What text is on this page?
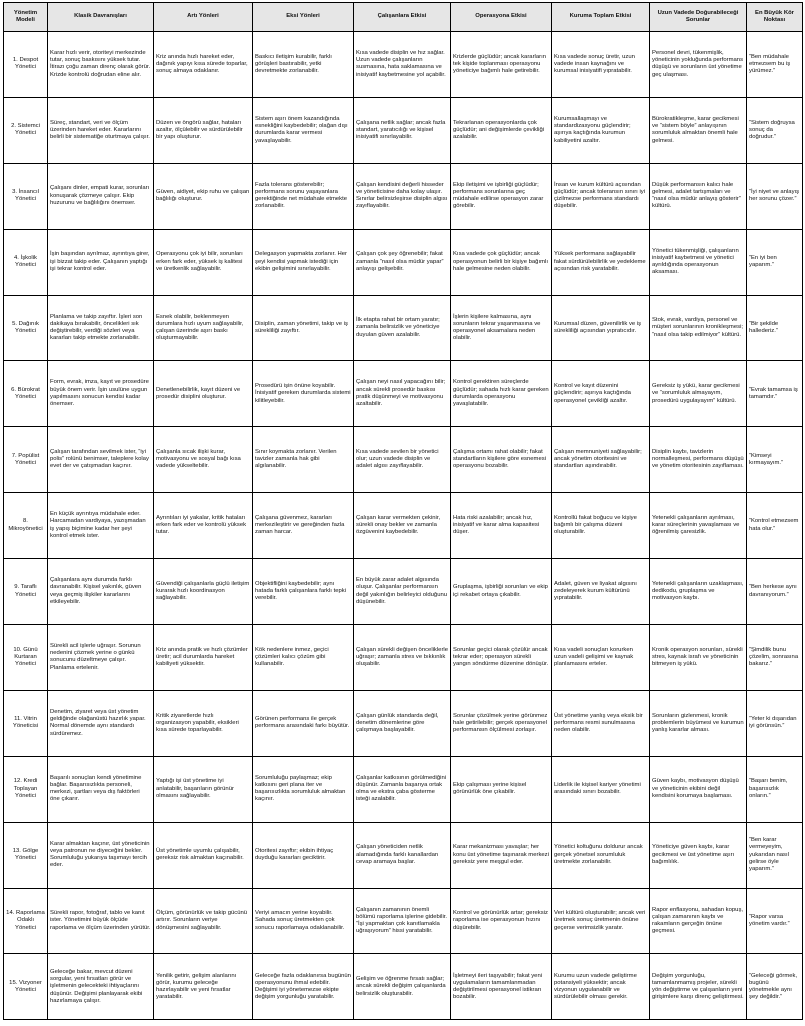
Yönetim Modeli	Klasik Davranışları	Artı Yönleri	Eksi Yönleri	Çalışanlara Etkisi	Operasyona Etkisi	Kuruma Toplam Etkisi	Uzun Vadede Doğurabileceği Sorunlar	En Büyük Kör Noktası
1. Despot Yönetici	Karar hızlı verir, otoriteyi merkezinde tutar, sonuç baskısını yüksek tutar. İtirazı çoğu zaman direnç olarak görür. Krizde kontrolü doğrudan eline alır.	Kriz anında hızlı hareket eder, dağınık yapıyı kısa sürede toparlar, sonuç almaya odaklanır.	Baskıcı iletişim kurabilir, farklı görüşleri bastırabilir, yetki devretmekte zorlanabilir.	Kısa vadede disiplin ve hız sağlar. Uzun vadede çalışanların susmasına, hata saklamasına ve inisiyatif kaybetmesine yol açabilir.	Krizlerde güçlüdür; ancak kararların tek kişide toplanması operasyonu yöneticiye bağımlı hale getirebilir.	Kısa vadede sonuç üretir, uzun vadede insan kaynağını ve kurumsal inisiyatifi yıpratabilir.	Personel devri, tükenmişlik, yöneticinin yokluğunda performans düşüşü ve sorunların üst yönetime geç ulaşması.	“Ben müdahale etmezsem bu iş yürümez.”
2. Sistemci Yönetici	Süreç, standart, veri ve ölçüm üzerinden hareket eder. Kararlarını belirli bir sistematiğe oturtmaya çalışır.	Düzen ve öngörü sağlar, hataları azaltır, ölçülebilir ve sürdürülebilir bir yapı oluşturur.	Sistem aşırı önem kazandığında esnekliğini kaybedebilir; olağan dışı durumlarda karar vermesi yavaşlayabilir.	Çalışana netlik sağlar; ancak fazla standart, yaratıcılığı ve kişisel inisiyatifi sınırlayabilir.	Tekrarlanan operasyonlarda çok güçlüdür; ani değişimlerde çevikliği azalabilir.	Kurumsallaşmayı ve standardizasyonu güçlendirir; aşırıya kaçtığında kurumun kabiliyetini azaltır.	Bürokratikleşme, karar gecikmesi ve “sistem böyle” anlayışının sorumluluk almaktan önemli hale gelmesi.	“Sistem doğruysa sonuç da doğrudur.”
3. İnsancıl Yönetici	Çalışanı dinler, empati kurar, sorunları konuşarak çözmeye çalışır. Ekip huzurunu ve bağlılığını önemser.	Güven, aidiyet, ekip ruhu ve çalışan bağlılığı oluşturur.	Fazla tolerans gösterebilir; performans sorunu yaşayanlara gerektiğinde net müdahale etmekte zorlanabilir.	Çalışan kendisini değerli hisseder ve yöneticisine daha kolay ulaşır. Sınırlar belirsizleşirse disiplin algısı zayıflayabilir.	Ekip iletişimi ve işbirliği güçlüdür; performans sorunlarına geç müdahale edilirse operasyon zarar görebilir.	İnsan ve kurum kültürü açısından güçlüdür; ancak toleransın sınırı iyi çizilmezse performans standardı düşebilir.	Düşük performansın kalıcı hale gelmesi, adalet tartışmaları ve “nasıl olsa müdür anlayış gösterir” kültürü.	“İyi niyet ve anlayış her sorunu çözer.”
4. İşkolik Yönetici	İşin başından ayrılmaz, ayrıntıya girer, işi bizzat takip eder. Çalışanın yaptığı işi tekrar kontrol eder.	Operasyonu çok iyi bilir, sorunları erken fark eder, yüksek iş kalitesi ve üretkenlik sağlayabilir.	Delegasyon yapmakta zorlanır. Her şeyi kendisi yapmak istediği için ekibin gelişimini sınırlayabilir.	Çalışan çok şey öğrenebilir; fakat zamanla “nasıl olsa müdür yapar” anlayışı gelişebilir.	Kısa vadede çok güçlüdür; ancak operasyonun belirli bir kişiye bağımlı hale gelmesine neden olabilir.	Yüksek performans sağlayabilir fakat sürdürülebilirlik ve yedekleme açısından risk yaratabilir.	Yönetici tükenmişliği, çalışanların inisiyatif kaybetmesi ve yönetici ayrıldığında operasyonun aksaması.	“En iyi ben yaparım.”
5. Dağınık Yönetici	Planlama ve takip zayıftır. İşleri son dakikaya bırakabilir, öncelikleri sık değiştirebilir, verdiği sözleri veya kararları takip etmekte zorlanabilir.	Esnek olabilir, beklenmeyen durumlara hızlı uyum sağlayabilir, çalışan üzerinde aşırı baskı oluşturmayabilir.	Disiplin, zaman yönetimi, takip ve iş sürekliliği zayıftır.	İlk etapta rahat bir ortam yaratır; zamanla belirsizlik ve yöneticiye duyulan güven azalabilir.	İşlerin kişilere kalmasına, aynı sorunların tekrar yaşanmasına ve operasyonel aksamalara neden olabilir.	Kurumsal düzen, güvenilirlik ve iş sürekliliği açısından yıpratıcıdır.	Stok, evrak, vardiya, personel ve müşteri sorunlarının kronikleşmesi; “nasıl olsa takip edilmiyor” kültürü.	“Bir şekilde hallederiz.”
6. Bürokrat Yönetici	Form, evrak, imza, kayıt ve prosedüre büyük önem verir. İşin usulüne uygun yapılmasını sonucun kendisi kadar önemser.	Denetlenebilirlik, kayıt düzeni ve prosedür disiplini oluşturur.	Prosedürü işin önüne koyabilir. İnisiyatif gereken durumlarda sistemi kilitleyebilir.	Çalışan neyi nasıl yapacağını bilir; ancak sürekli prosedür baskısı pratik düşünmeyi ve motivasyonu azaltabilir.	Kontrol gerektiren süreçlerde güçlüdür; sahada hızlı karar gereken durumlarda operasyonu yavaşlatabilir.	Kontrol ve kayıt düzenini güçlendirir; aşırıya kaçtığında operasyonel çevikliği azaltır.	Gereksiz iş yükü, karar gecikmesi ve “sorumluluk almayayım, prosedürü uygulayayım” kültürü.	“Evrak tamamsa iş tamamdır.”
7. Popülist Yönetici	Çalışan tarafından sevilmek ister, “iyi polis” rolünü benimser, taleplere kolay evet der ve çatışmadan kaçınır.	Çalışanla sıcak ilişki kurar, motivasyonu ve sosyal bağı kısa vadede yükseltebilir.	Sınır koymakta zorlanır. Verilen tavizler zamanla hak gibi algılanabilir.	Kısa vadede sevilen bir yönetici olur; uzun vadede disiplin ve adalet algısı zayıflayabilir.	Çalışma ortamı rahat olabilir; fakat standartların kişilere göre esnemesi operasyonu bozabilir.	Çalışan memnuniyeti sağlayabilir; ancak yönetim otoritesini ve standartları aşındırabilir.	Disiplin kaybı, tavizlerin normalleşmesi, performans düşüşü ve yönetim otoritesinin zayıflaması.	“Kimseyi kırmayayım.”
8. Mikroyönetici	En küçük ayrıntıya müdahale eder. Harcamadan vardiyaya, yazışmadan iş yapış biçimine kadar her şeyi kontrol etmek ister.	Ayrıntıları iyi yakalar, kritik hataları erken fark eder ve kontrolü yüksek tutar.	Çalışana güvenmez, kararları merkezileştirir ve gereğinden fazla zaman harcar.	Çalışan karar vermekten çekinir, sürekli onay bekler ve zamanla özgüvenini kaybedebilir.	Hata riski azalabilir; ancak hız, inisiyatif ve karar alma kapasitesi düşer.	Kontrollü fakat boğucu ve kişiye bağımlı bir çalışma düzeni oluşturabilir.	Yetenekli çalışanların ayrılması, karar süreçlerinin yavaşlaması ve öğrenilmiş çaresizlik.	“Kontrol etmezsem hata olur.”
9. Taraflı Yönetici	Çalışanlara aynı durumda farklı davranabilir. Kişisel yakınlık, güven veya geçmiş ilişkiler kararlarını etkileyebilir.	Güvendiği çalışanlarla güçlü iletişim kurarak hızlı koordinasyon sağlayabilir.	Objektifliğini kaybedebilir; aynı hatada farklı çalışanlara farklı tepki verebilir.	En büyük zarar adalet algısında oluşur. Çalışanlar performansın değil yakınlığın belirleyici olduğunu düşünebilir.	Gruplaşma, işbirliği sorunları ve ekip içi rekabet ortaya çıkabilir.	Adalet, güven ve liyakat algısını zedeleyerek kurum kültürünü yıpratabilir.	Yetenekli çalışanların uzaklaşması, dedikodu, gruplaşma ve motivasyon kaybı.	“Ben herkese aynı davranıyorum.”
10. Günü Kurtaran Yönetici	Sürekli acil işlerle uğraşır. Sorunun nedenini çözmek yerine o günkü sonucunu düzeltmeye çalışır. Planlama ertelenir.	Kriz anında pratik ve hızlı çözümler üretir; acil durumlarda hareket kabiliyeti yüksektir.	Kök nedenlere inmez, geçici çözümleri kalıcı çözüm gibi kullanabilir.	Çalışan sürekli değişen önceliklerle uğraşır; zamanla stres ve bıkkınlık oluşabilir.	Sorunlar geçici olarak çözülür ancak tekrar eder; operasyon sürekli yangın söndürme düzenine dönüşür.	Kısa vadeli sonuçları korurken uzun vadeli gelişimi ve kaynak planlamasını erteler.	Kronik operasyon sorunları, sürekli stres, kaynak israfı ve yöneticinin bitmeyen iş yükü.	“Şimdilik bunu çözelim, sonrasına bakarız.”
11. Vitrin Yöneticisi	Denetim, ziyaret veya üst yönetim geldiğinde olağanüstü hazırlık yapar. Normal dönemde aynı standardı sürdüremez.	Kritik ziyaretlerde hızlı organizasyon yapabilir, eksikleri kısa sürede toparlayabilir.	Görünen performans ile gerçek performans arasındaki farkı büyütür.	Çalışan günlük standarda değil, denetim dönemlerine göre çalışmaya başlayabilir.	Sorunlar çözülmek yerine görünmez hale getirilebilir; gerçek operasyonel performansın ölçülmesi zorlaşır.	Üst yönetime yanlış veya eksik bir performans resmi sunulmasına neden olabilir.	Sorunların gizlenmesi, kronik problemlerin büyümesi ve kurumun yanlış kararlar alması.	“Yeter ki dışarıdan iyi görünsün.”
12. Kredi Toplayan Yönetici	Başarılı sonuçları kendi yönetimine bağlar. Başarısızlıkta personeli, merkezi, şartları veya dış faktörleri öne çıkarır.	Yaptığı işi üst yönetime iyi anlatabilir, başarıların görünür olmasını sağlayabilir.	Sorumluluğu paylaşmaz; ekip katkısını geri plana iter ve başarısızlıkta sorumluluk almaktan kaçınır.	Çalışanlar katkısının görülmediğini düşünür. Zamanla başarıya ortak olma ve ekstra çaba gösterme isteği azalabilir.	Ekip çalışması yerine kişisel görünürlük öne çıkabilir.	Liderlik ile kişisel kariyer yönetimi arasındaki sınırı bozabilir.	Güven kaybı, motivasyon düşüşü ve yöneticinin ekibini değil kendisini korumaya başlaması.	“Başarı benim, başarısızlık onların.”
13. Gölge Yönetici	Karar almaktan kaçınır, üst yöneticinin veya patronun ne diyeceğini bekler. Sorumluluğu yukarıya taşımayı tercih eder.	Üst yönetimle uyumlu çalışabilir, gereksiz risk almaktan kaçınabilir.	Otoritesi zayıftır; ekibin ihtiyaç duyduğu kararları geciktirir.	Çalışan yöneticiden netlik alamadığında farklı kanallardan cevap aramaya başlar.	Karar mekanizması yavaşlar; her konu üst yönetime taşınarak merkezi gereksiz yere meşgul eder.	Yönetici koltuğunu doldurur ancak gerçek yönetsel sorumluluk üretmekte zorlanabilir.	Yöneticiye güven kaybı, karar gecikmesi ve üst yönetime aşırı bağımlılık.	“Ben karar vermeyeyim, yukarıdan nasıl gelirse öyle yaparım.”
14. Raporlama Odaklı Yönetici	Sürekli rapor, fotoğraf, tablo ve kanıt ister. Yönetimini büyük ölçüde raporlama ve ölçüm üzerinden yürütür.	Ölçüm, görünürlük ve takip gücünü artırır. Sorunların veriye dönüşmesini sağlayabilir.	Veriyi amacın yerine koyabilir. Sahada sonuç üretmekten çok sonucu raporlamaya odaklanabilir.	Çalışanın zamanının önemli bölümü raporlama işlerine gidebilir. “İşi yapmaktan çok kanıtlamakla uğraşıyorum” hissi yaratabilir.	Kontrol ve görünürlük artar; gereksiz raporlama ise operasyonun hızını düşürebilir.	Veri kültürü oluşturabilir; ancak veri üretmek sonuç üretmenin önüne geçerse verimsizlik yaratır.	Rapor enflasyonu, sahadan kopuş, çalışan zamanının kaybı ve rakamların gerçeğin önüne geçmesi.	“Rapor varsa yönetim vardır.”
15. Vizyoner Yönetici	Geleceğe bakar, mevcut düzeni sorgular, yeni fırsatları görür ve işletmenin gelecekteki ihtiyaçlarını düşünür. Değişimi planlayarak ekibi hazırlamaya çalışır.	Yenilik getirir, gelişim alanlarını görür, kurumu geleceğe hazırlayabilir ve yeni fırsatlar yaratabilir.	Geleceğe fazla odaklanırsa bugünün operasyonunu ihmal edebilir. Değişimi iyi yönetemezse ekipte değişim yorgunluğu yaratabilir.	Gelişim ve öğrenme fırsatı sağlar; ancak sürekli değişim çalışanlarda belirsizlik oluşturabilir.	İşletmeyi ileri taşıyabilir; fakat yeni uygulamaların tamamlanmadan değiştirilmesi operasyonel istikrarı bozabilir.	Kurumu uzun vadede geliştirme potansiyeli yüksektir; ancak vizyonun uygulanabilir ve sürdürülebilir olması gerekir.	Değişim yorgunluğu, tamamlanmamış projeler, sürekli yön değiştirme ve çalışanların yeni girişimlere karşı direnç geliştirmesi.	“Geleceği görmek, bugünü yönetmekle aynı şey değildir.”
